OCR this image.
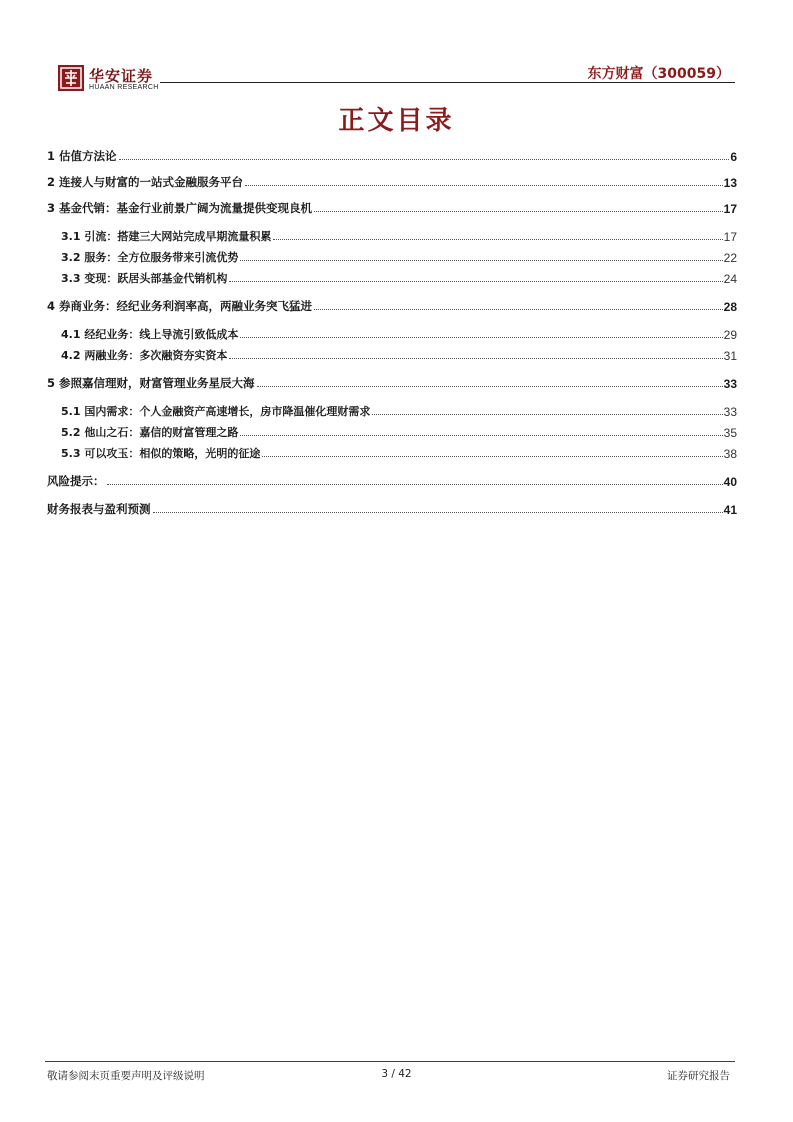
华安证券
HUAAN RESEARCH
东方财富（300059）
正文目录
1 估值方法论	6
2 连接人与财富的一站式金融服务平台	13
3 基金代销：基金行业前景广阔为流量提供变现良机	17
3.1 引流：搭建三大网站完成早期流量积累	17
3.2 服务：全方位服务带来引流优势	22
3.3 变现：跃居头部基金代销机构	24
4 券商业务：经纪业务利润率高，两融业务突飞猛进	28
4.1 经纪业务：线上导流引致低成本	29
4.2 两融业务：多次融资夯实资本	31
5 参照嘉信理财，财富管理业务星辰大海	33
5.1 国内需求：个人金融资产高速增长，房市降温催化理财需求	33
5.2 他山之石：嘉信的财富管理之路	35
5.3 可以攻玉：相似的策略，光明的征途	38
风险提示：	40
财务报表与盈利预测	41
敬请参阅末页重要声明及评级说明	3 / 42	证券研究报告
